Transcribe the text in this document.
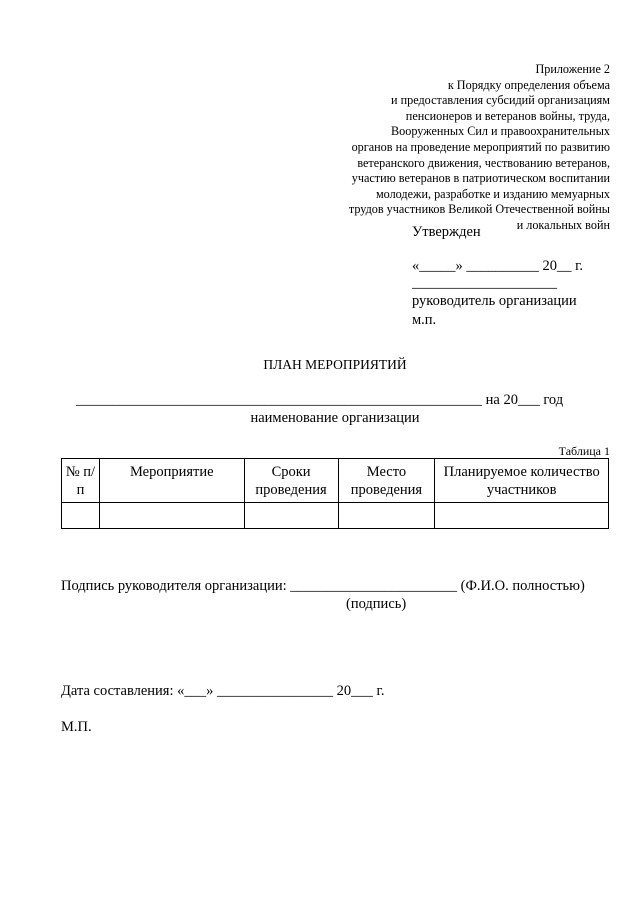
Приложение 2
к Порядку определения объема
и предоставления субсидий организациям
пенсионеров и ветеранов войны, труда,
Вооруженных Сил и правоохранительных
органов на проведение мероприятий по развитию
ветеранского движения, чествованию ветеранов,
участию ветеранов в патриотическом воспитании
молодежи, разработке и изданию мемуарных
трудов участников Великой Отечественной войны
и локальных войн
Утвержден
«_____» __________ 20__ г.
____________________
руководитель организации
м.п.
ПЛАН МЕРОПРИЯТИЙ
________________________________________________________ на 20___ год
наименование организации
Таблица 1
№ п/п	Мероприятие	Сроки проведения	Место проведения	Планируемое количество участников

Подпись руководителя организации: _______________________ (Ф.И.О. полностью)
(подпись)
Дата составления: «___» ________________ 20___ г.
М.П.
